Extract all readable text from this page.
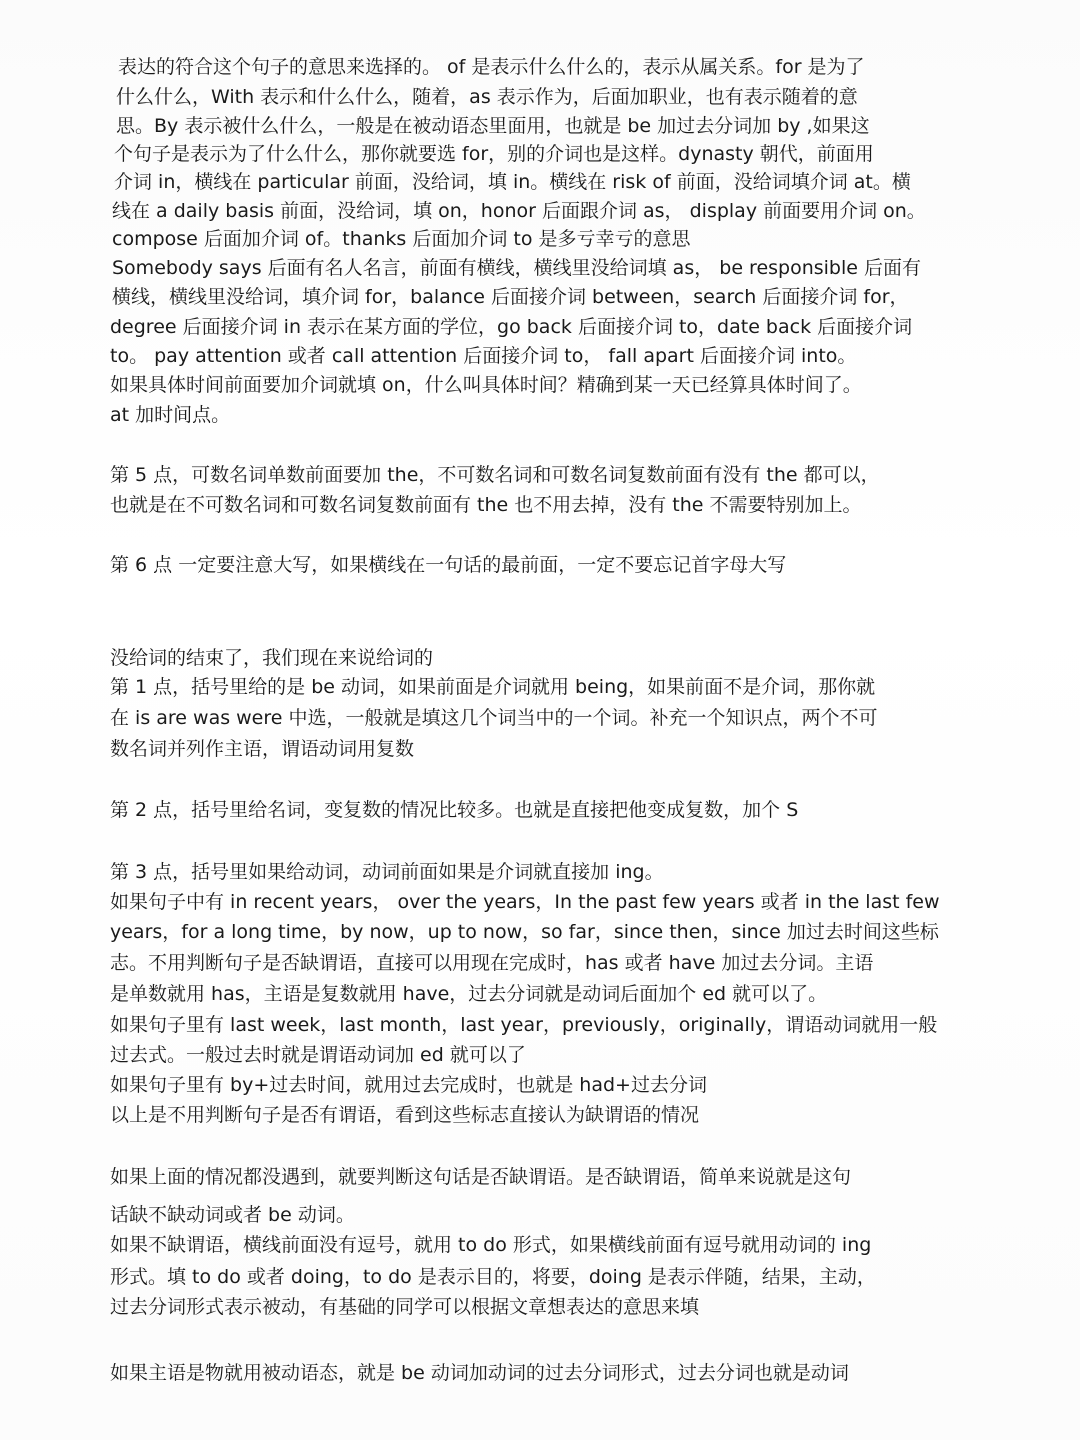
表达的符合这个句子的意思来选择的。 of 是表示什么什么的，表示从属关系。for 是为了
什么什么，With 表示和什么什么，随着，as 表示作为，后面加职业，也有表示随着的意
思。By 表示被什么什么，一般是在被动语态里面用，也就是 be 加过去分词加 by ,如果这
个句子是表示为了什么什么，那你就要选 for，别的介词也是这样。dynasty 朝代，前面用
介词 in，横线在 particular 前面，没给词，填 in。横线在 risk of 前面，没给词填介词 at。横
线在 a daily basis 前面，没给词，填 on，honor 后面跟介词 as， display 前面要用介词 on。
compose 后面加介词 of。thanks 后面加介词 to 是多亏幸亏的意思
Somebody says 后面有名人名言，前面有横线，横线里没给词填 as， be responsible 后面有
横线，横线里没给词，填介词 for，balance 后面接介词 between，search 后面接介词 for，
degree 后面接介词 in 表示在某方面的学位，go back 后面接介词 to，date back 后面接介词
to。 pay attention 或者 call attention 后面接介词 to， fall apart 后面接介词 into。
如果具体时间前面要加介词就填 on，什么叫具体时间？精确到某一天已经算具体时间了。
at 加时间点。
第 5 点，可数名词单数前面要加 the，不可数名词和可数名词复数前面有没有 the 都可以，
也就是在不可数名词和可数名词复数前面有 the 也不用去掉，没有 the 不需要特别加上。
第 6 点 一定要注意大写，如果横线在一句话的最前面，一定不要忘记首字母大写
没给词的结束了，我们现在来说给词的
第 1 点，括号里给的是 be 动词，如果前面是介词就用 being，如果前面不是介词，那你就
在 is are was were 中选，一般就是填这几个词当中的一个词。补充一个知识点，两个不可
数名词并列作主语，谓语动词用复数
第 2 点，括号里给名词，变复数的情况比较多。也就是直接把他变成复数，加个 S
第 3 点，括号里如果给动词，动词前面如果是介词就直接加 ing。
如果句子中有 in recent years， over the years，In the past few years 或者 in the last few
years，for a long time，by now，up to now，so far，since then，since 加过去时间这些标
志。不用判断句子是否缺谓语，直接可以用现在完成时，has 或者 have 加过去分词。主语
是单数就用 has，主语是复数就用 have，过去分词就是动词后面加个 ed 就可以了。
如果句子里有 last week，last month，last year，previously，originally，谓语动词就用一般
过去式。一般过去时就是谓语动词加 ed 就可以了
如果句子里有 by+过去时间，就用过去完成时，也就是 had+过去分词
以上是不用判断句子是否有谓语，看到这些标志直接认为缺谓语的情况
如果上面的情况都没遇到，就要判断这句话是否缺谓语。是否缺谓语，简单来说就是这句
话缺不缺动词或者 be 动词。
如果不缺谓语，横线前面没有逗号，就用 to do 形式，如果横线前面有逗号就用动词的 ing
形式。填 to do 或者 doing，to do 是表示目的，将要，doing 是表示伴随，结果，主动，
过去分词形式表示被动，有基础的同学可以根据文章想表达的意思来填
如果主语是物就用被动语态，就是 be 动词加动词的过去分词形式，过去分词也就是动词
